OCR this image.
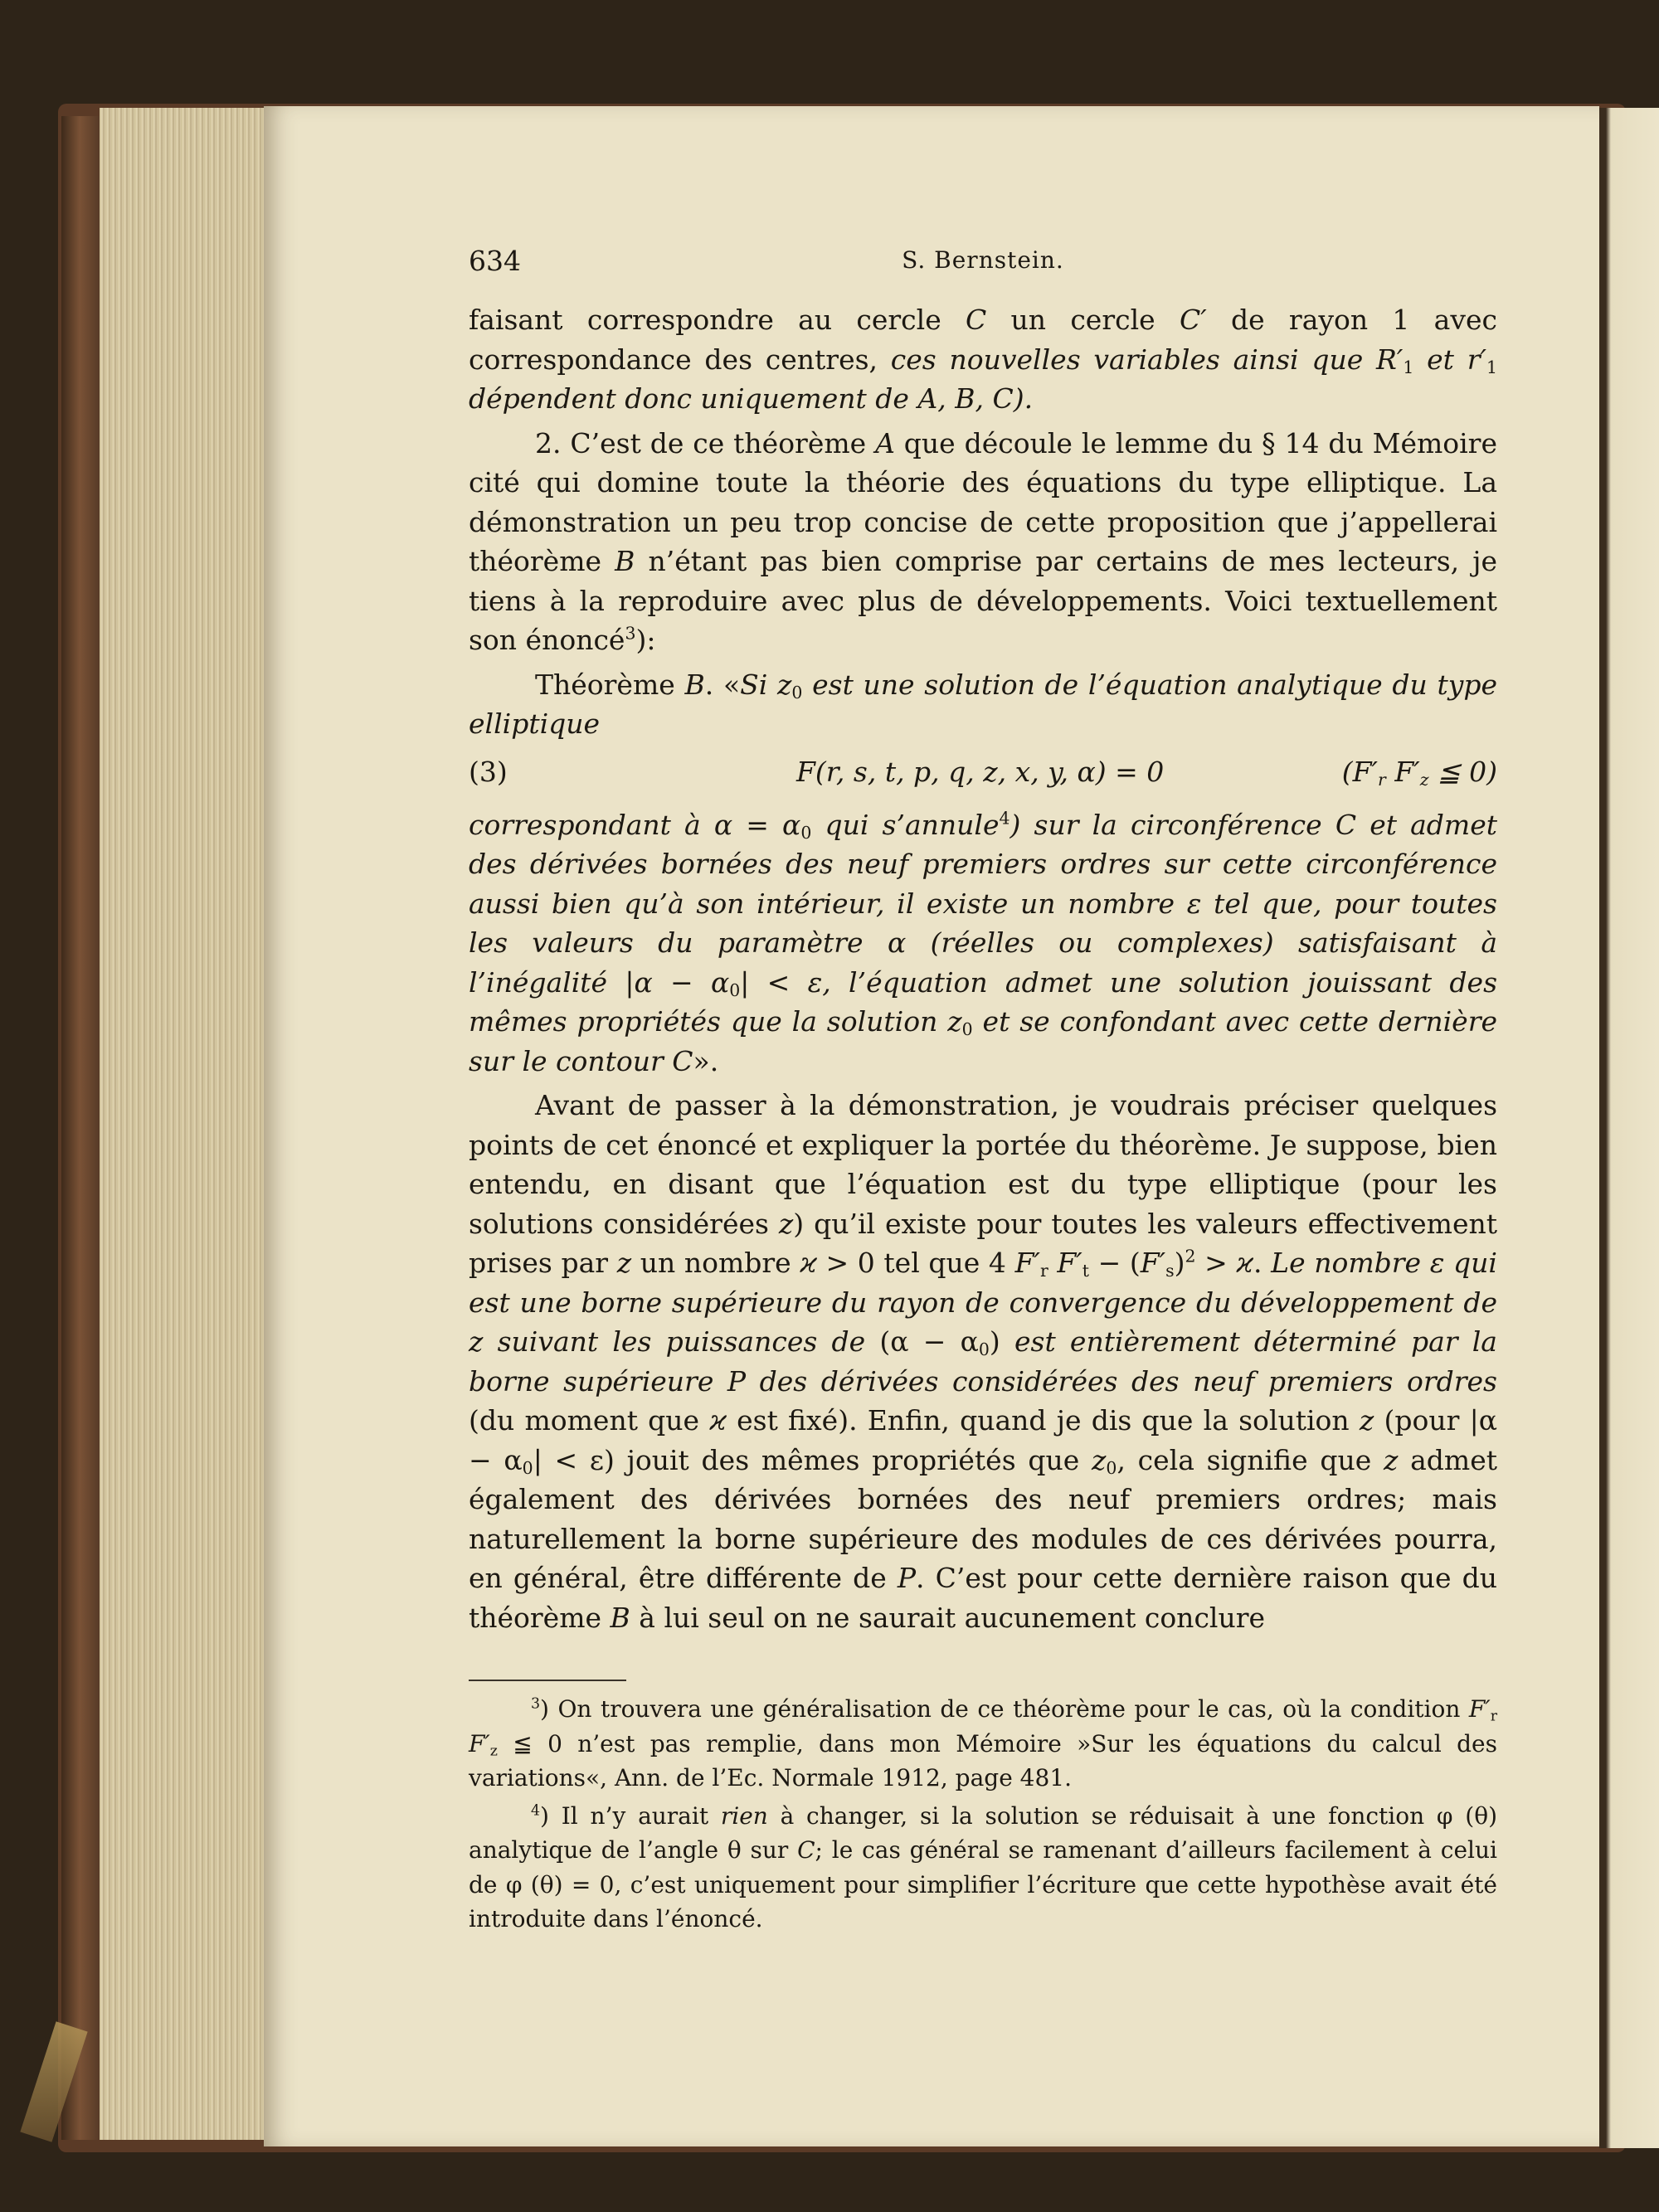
634	S. Bernstein.

faisant correspondre au cercle C un cercle C′ de rayon 1 avec correspondance des centres, ces nouvelles variables ainsi que $R'_1$ et $r'_1$ dépendent donc uniquement de A, B, C).

2. C’est de ce théorème A que découle le lemme du § 14 du Mémoire cité qui domine toute la théorie des équations du type elliptique. La démonstration un peu trop concise de cette proposition que j’appellerai théorème B n’étant pas bien comprise par certains de mes lecteurs, je tiens à la reproduire avec plus de développements. Voici textuellement son énoncé$^3$):

Théorème B. «Si $z_0$ est une solution de l’équation analytique du type elliptique

(3)	F(r, s, t, p, q, z, x, y, α) = 0	($F'_r$ $F'_z$ ≦ 0)

correspondant à $\alpha = \alpha_0$ qui s’annule$^4$) sur la circonférence C et admet des dérivées bornées des neuf premiers ordres sur cette circonférence aussi bien qu’à son intérieur, il existe un nombre ε tel que, pour toutes les valeurs du paramètre α (réelles ou complexes) satisfaisant à l’inégalité $|\alpha - \alpha_0| < \varepsilon$, l’équation admet une solution jouissant des mêmes propriétés que la solution $z_0$ et se confondant avec cette dernière sur le contour C».

Avant de passer à la démonstration, je voudrais préciser quelques points de cet énoncé et expliquer la portée du théorème. Je suppose, bien entendu, en disant que l’équation est du type elliptique (pour les solutions considérées z) qu’il existe pour toutes les valeurs effectivement prises par z un nombre ϰ > 0 tel que 4 $F'_r$ $F'_t - (F'_s)^2 > ϰ$. Le nombre ε qui est une borne supérieure du rayon de convergence du développement de z suivant les puissances de $(\alpha - \alpha_0)$ est entièrement déterminé par la borne supérieure P des dérivées considérées des neuf premiers ordres (du moment que ϰ est fixé). Enfin, quand je dis que la solution z (pour $|\alpha - \alpha_0| < \varepsilon$) jouit des mêmes propriétés que $z_0$, cela signifie que z admet également des dérivées bornées des neuf premiers ordres; mais naturellement la borne supérieure des modules de ces dérivées pourra, en général, être différente de P. C’est pour cette dernière raison que du théorème B à lui seul on ne saurait aucunement conclure

$^3$) On trouvera une généralisation de ce théorème pour le cas, où la condition $F'_r$ $F'_z$ ≦ 0 n’est pas remplie, dans mon Mémoire »Sur les équations du calcul des variations«, Ann. de l’Ec. Normale 1912, page 481.

$^4$) Il n’y aurait rien à changer, si la solution se réduisait à une fonction φ (θ) analytique de l’angle θ sur C; le cas général se ramenant d’ailleurs facilement à celui de φ (θ) = 0, c’est uniquement pour simplifier l’écriture que cette hypothèse avait été introduite dans l’énoncé.
